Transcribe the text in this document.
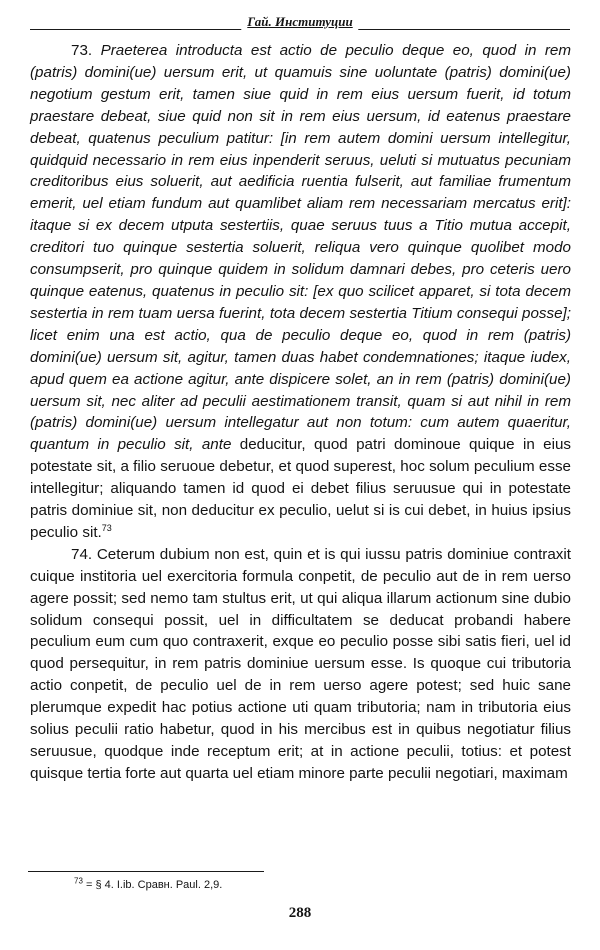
Гай. Институции

73. Praeterea introducta est actio de peculio deque eo, quod in rem (patris) domini(ue) uersum erit, ut quamuis sine uoluntate (patris) domini(ue) negotium gestum erit, tamen siue quid in rem eius uersum fuerit, id totum praestare debeat, siue quid non sit in rem eius uersum, id eatenus praestare debeat, quatenus peculium patitur: [in rem autem domini uersum intellegitur, quidquid necessario in rem eius inpenderit seruus, ueluti si mutuatus pecuniam creditoribus eius soluerit, aut aedificia ruentia fulserit, aut familiae frumentum emerit, uel etiam fundum aut quamlibet aliam rem necessariam mercatus erit]: itaque si ex decem utputa sestertiis, quae seruus tuus a Titio mutua accepit, creditori tuo quinque sestertia soluerit, reliqua vero quinque quolibet modo consumpserit, pro quinque quidem in solidum damnari debes, pro ceteris uero quinque eatenus, quatenus in peculio sit: [ex quo scilicet apparet, si tota decem sestertia in rem tuam uersa fuerint, tota decem sestertia Titium consequi posse]; licet enim una est actio, qua de peculio deque eo, quod in rem (patris) domini(ue) uersum sit, agitur, tamen duas habet condemnationes; itaque iudex, apud quem ea actione agitur, ante dispicere solet, an in rem (patris) domini(ue) uersum sit, nec aliter ad peculii aestimationem transit, quam si aut nihil in rem (patris) domini(ue) uersum intellegatur aut non totum: cum autem quaeritur, quantum in peculio sit, ante deducitur, quod patri dominoue quique in eius potestate sit, a filio seruoue debetur, et quod superest, hoc solum peculium esse intellegitur; aliquando tamen id quod ei debet filius seruusue qui in potestate patris dominiue sit, non deducitur ex peculio, uelut si is cui debet, in huius ipsius peculio sit.$^{73}$

74. Ceterum dubium non est, quin et is qui iussu patris dominiue contraxit cuique institoria uel exercitoria formula conpetit, de peculio aut de in rem uerso agere possit; sed nemo tam stultus erit, ut qui aliqua illarum actionum sine dubio solidum consequi possit, uel in difficultatem se deducat probandi habere peculium eum cum quo contraxerit, exque eo peculio posse sibi satis fieri, uel id quod persequitur, in rem patris dominiue uersum esse. Is quoque cui tributoria actio conpetit, de peculio uel de in rem uerso agere potest; sed huic sane plerumque expedit hac potius actione uti quam tributoria; nam in tributoria eius solius peculii ratio habetur, quod in his mercibus est in quibus negotiatur filius seruusue, quodque inde receptum erit; at in actione peculii, totius: et potest quisque tertia forte aut quarta uel etiam minore parte peculii negotiari, maximam

$^{73}$ = § 4. I.ib. Сравн. Paul. 2,9.
288
